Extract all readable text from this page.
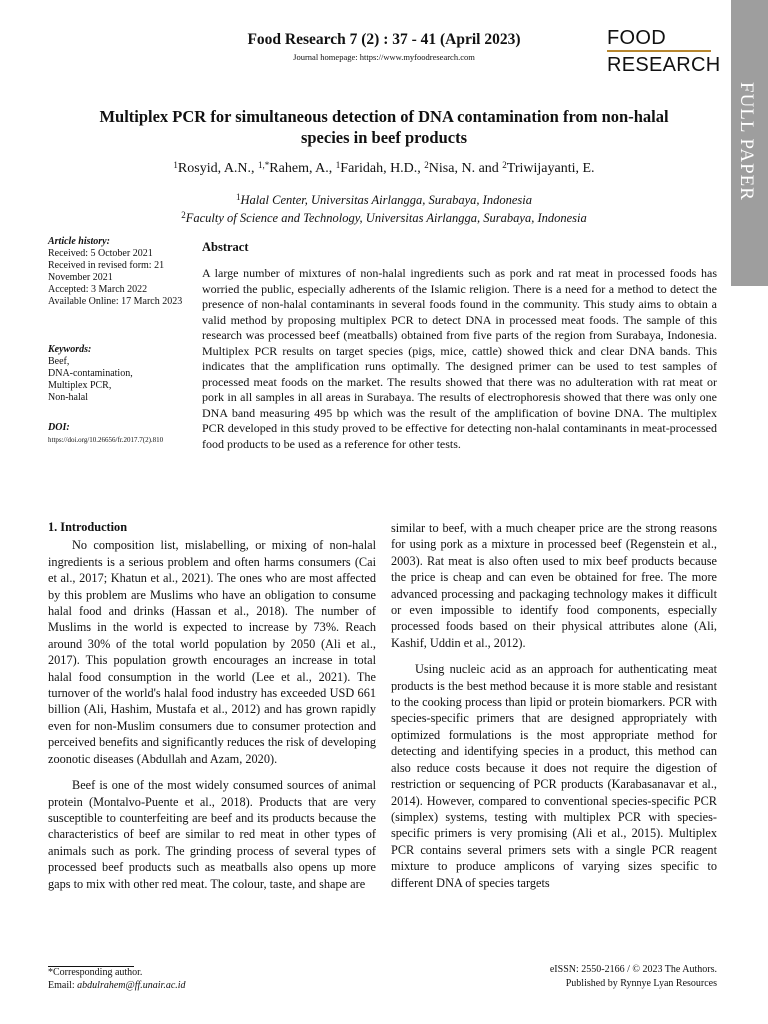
Food Research 7 (2) : 37 - 41 (April 2023)
Journal homepage: https://www.myfoodresearch.com
FOOD
RESEARCH
FULL PAPER
Multiplex PCR for simultaneous detection of DNA contamination from non-halal species in beef products
$^1$Rosyid, A.N., $^{1,*}$Rahem, A., $^1$Faridah, H.D., $^2$Nisa, N. and $^2$Triwijayanti, E.
$^1$Halal Center, Universitas Airlangga, Surabaya, Indonesia
$^2$Faculty of Science and Technology, Universitas Airlangga, Surabaya, Indonesia
Article history:
Received: 5 October 2021
Received in revised form: 21 November 2021
Accepted: 3 March 2022
Available Online: 17 March 2023
Keywords:
Beef,
DNA-contamination,
Multiplex PCR,
Non-halal
DOI:
https://doi.org/10.26656/fr.2017.7(2).810
Abstract
A large number of mixtures of non-halal ingredients such as pork and rat meat in processed foods has worried the public, especially adherents of the Islamic religion. There is a need for a method to detect the presence of non-halal contaminants in several foods found in the community. This study aims to obtain a valid method by proposing multiplex PCR to detect DNA in processed meat foods. The sample of this research was processed beef (meatballs) obtained from five parts of the region from Surabaya, Indonesia. Multiplex PCR results on target species (pigs, mice, cattle) showed thick and clear DNA bands. This indicates that the amplification runs optimally. The designed primer can be used to test samples of processed meat foods on the market. The results showed that there was no adulteration with rat meat or pork in all samples in all areas in Surabaya. The results of electrophoresis showed that there was only one DNA band measuring 495 bp which was the result of the amplification of bovine DNA. The multiplex PCR developed in this study proved to be effective for detecting non-halal contaminants in meat-processed food products to be used as a reference for other tests.

1. Introduction

No composition list, mislabelling, or mixing of non-halal ingredients is a serious problem and often harms consumers (Cai et al., 2017; Khatun et al., 2021). The ones who are most affected by this problem are Muslims who have an obligation to consume halal food and drinks (Hassan et al., 2018). The number of Muslims in the world is expected to increase by 73%. Reach around 30% of the total world population by 2050 (Ali et al., 2017). This population growth encourages an increase in total halal food consumption in the world (Lee et al., 2021). The turnover of the world's halal food industry has exceeded USD 661 billion (Ali, Hashim, Mustafa et al., 2012) and has grown rapidly even for non-Muslim consumers due to consumer protection and perceived benefits and significantly reduces the risk of developing zoonotic diseases (Abdullah and Azam, 2020).

Beef is one of the most widely consumed sources of animal protein (Montalvo-Puente et al., 2018). Products that are very susceptible to counterfeiting are beef and its products because the characteristics of beef are similar to red meat in other types of animals such as pork. The grinding process of several types of processed beef products such as meatballs also opens up more gaps to mix with other red meat. The colour, taste, and shape are

similar to beef, with a much cheaper price are the strong reasons for using pork as a mixture in processed beef (Regenstein et al., 2003). Rat meat is also often used to mix beef products because the price is cheap and can even be obtained for free. The more advanced processing and packaging technology makes it difficult or even impossible to identify food components, especially processed foods based on their physical attributes alone (Ali, Kashif, Uddin et al., 2012).

Using nucleic acid as an approach for authenticating meat products is the best method because it is more stable and resistant to the cooking process than lipid or protein biomarkers. PCR with species-specific primers that are designed appropriately with optimized formulations is the most appropriate method for detecting and identifying species in a product, this method can also reduce costs because it does not require the digestion of restriction or sequencing of PCR products (Karabasanavar et al., 2014). However, compared to conventional species-specific PCR (simplex) systems, testing with multiplex PCR with species-specific primers is very promising (Ali et al., 2015). Multiplex PCR contains several primers sets with a single PCR reagent mixture to produce amplicons of varying sizes specific to different DNA of species targets

*Corresponding author.
Email: abdulrahem@ff.unair.ac.id
eISSN: 2550-2166 / © 2023 The Authors.
Published by Rynnye Lyan Resources
